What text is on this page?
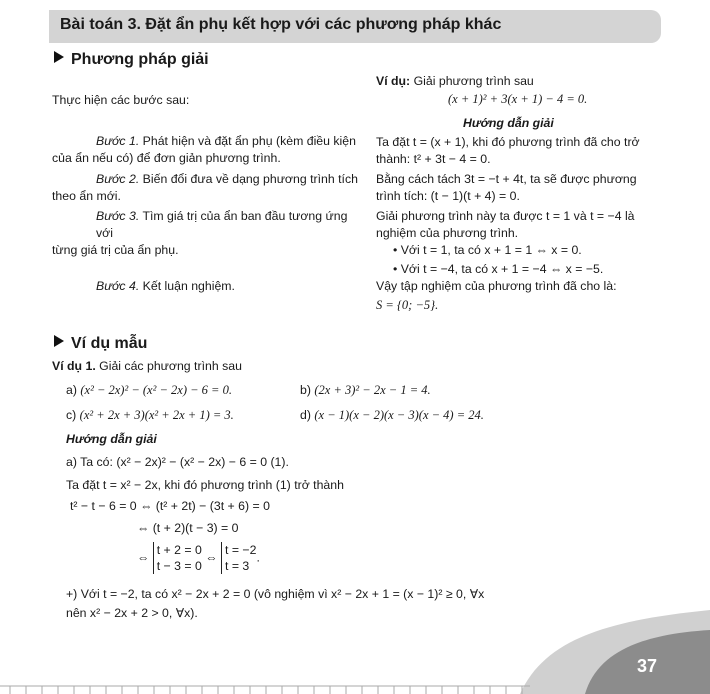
Bài toán 3. Đặt ẩn phụ kết hợp với các phương pháp khác
Phương pháp giải
Thực hiện các bước sau:
Bước 1. Phát hiện và đặt ẩn phụ (kèm điều kiện
của ẩn nếu có) để đơn giản phương trình.
Bước 2. Biến đổi đưa về dạng phương trình tích
theo ẩn mới.
Bước 3. Tìm giá trị của ẩn ban đầu tương ứng với
từng giá trị của ẩn phụ.
Bước 4. Kết luận nghiệm.
Ví dụ: Giải phương trình sau
(x + 1)² + 3(x + 1) − 4 = 0.
Hướng dẫn giải
Ta đặt t = (x + 1), khi đó phương trình đã cho trở
thành: t² + 3t − 4 = 0.
Bằng cách tách 3t = −t + 4t, ta sẽ được phương
trình tích: (t − 1)(t + 4) = 0.
Giải phương trình này ta được t = 1 và t = −4 là
nghiệm của phương trình.
• Với t = 1, ta có x + 1 = 1 ⇔ x = 0.
• Với t = −4, ta có x + 1 = −4 ⇔ x = −5.
Vậy tập nghiệm của phương trình đã cho là:
S = {0; −5}.
Ví dụ mẫu
Ví dụ 1. Giải các phương trình sau
a) (x² − 2x)² − (x² − 2x) − 6 = 0.	b) (2x + 3)² − 2x − 1 = 4.
c) (x² + 2x + 3)(x² + 2x + 1) = 3.	d) (x − 1)(x − 2)(x − 3)(x − 4) = 24.
Hướng dẫn giải
a) Ta có: (x² − 2x)² − (x² − 2x) − 6 = 0 (1).
Ta đặt t = x² − 2x, khi đó phương trình (1) trở thành
t² − t − 6 = 0 ⇔ (t² + 2t) − (3t + 6) = 0
⇔ (t + 2)(t − 3) = 0
⇔
t + 2 = 0
t − 3 = 0
⇔
t = −2
t = 3
.
+) Với t = −2, ta có x² − 2x + 2 = 0 (vô nghiệm vì x² − 2x + 1 = (x − 1)² ≥ 0, ∀x
nên x² − 2x + 2 > 0, ∀x).
37
